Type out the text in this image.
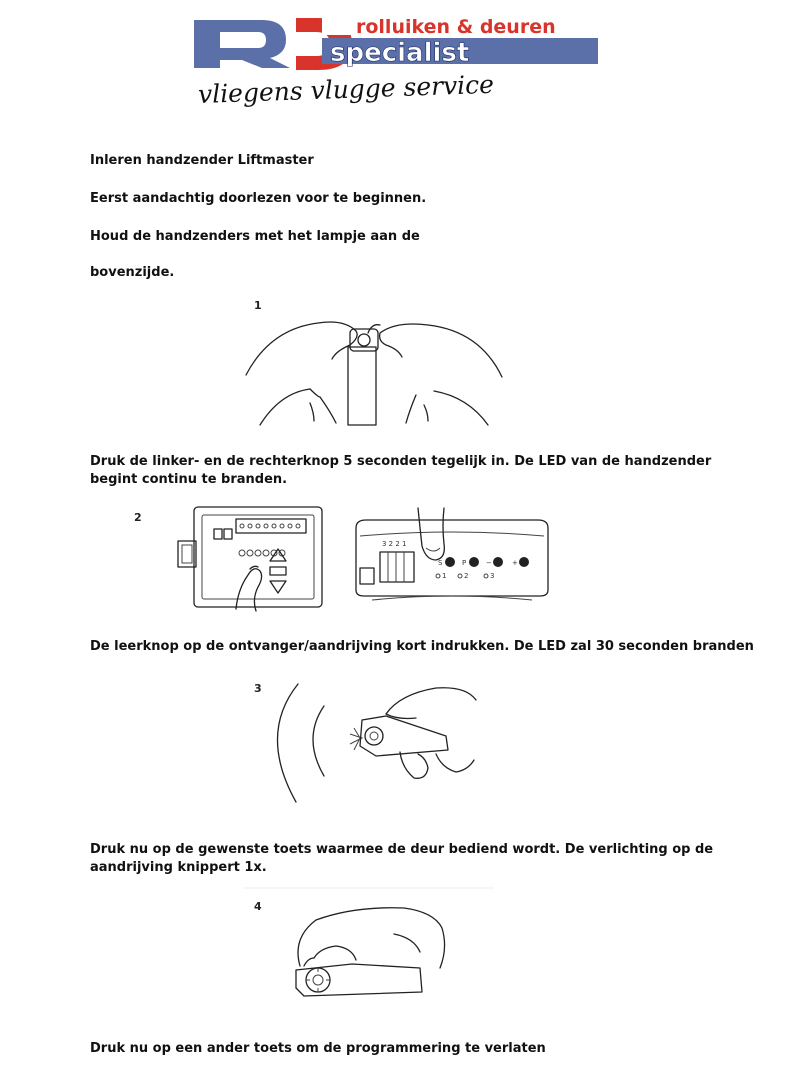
rolluiken & deuren
specialist
vliegens vlugge service

Inleren handzender Liftmaster

Eerst aandachtig doorlezen voor te beginnen.

Houd de handzenders met het lampje aan de

bovenzijde.

1

Druk de linker- en de rechterknop 5 seconden tegelijk in. De LED van de handzender

begint continu te branden.

2
3 2 2 1
S	P	−	+
1	2	3

De leerknop op de ontvanger/aandrijving kort indrukken. De LED zal 30 seconden branden

3

Druk nu op de gewenste toets waarmee de deur bediend wordt. De verlichting op de

aandrijving knippert 1x.

4

Druk nu op een ander toets om de programmering te verlaten
